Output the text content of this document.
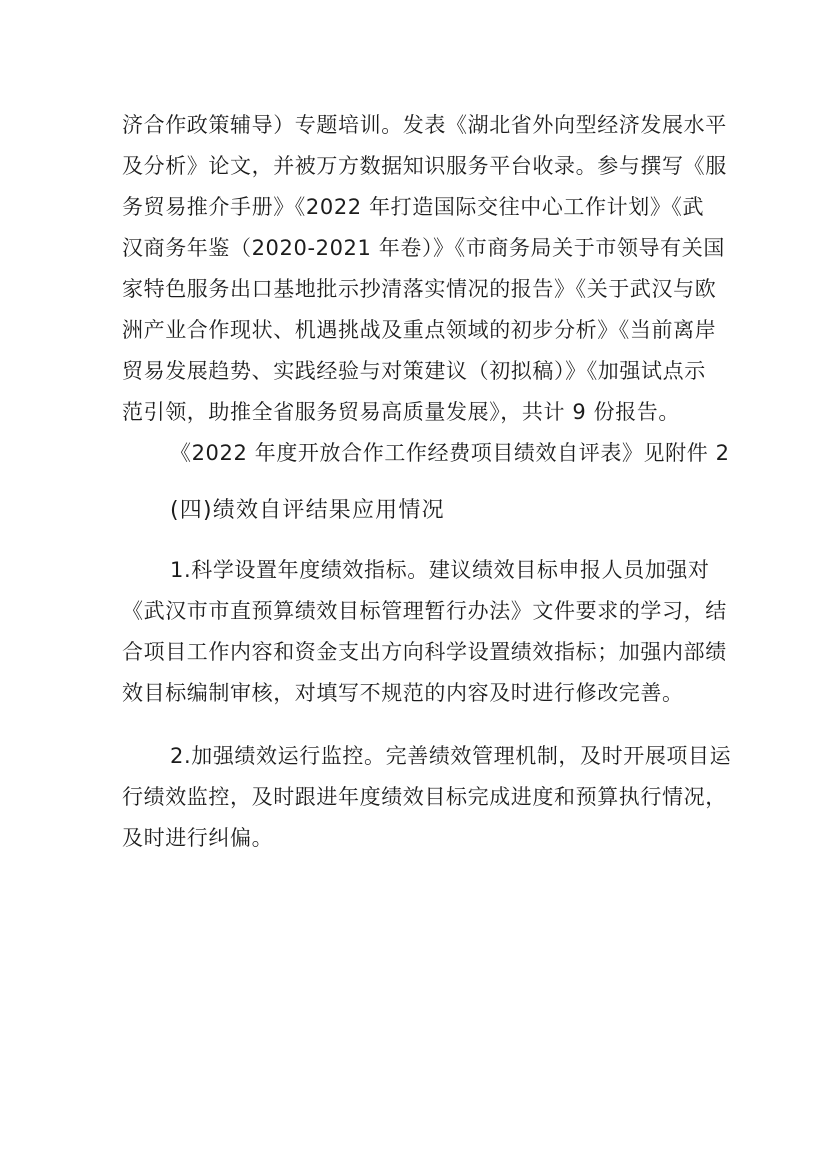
济合作政策辅导）专题培训。发表《湖北省外向型经济发展水平
及分析》论文，并被万方数据知识服务平台收录。参与撰写《服
务贸易推介手册》《2022 年打造国际交往中心工作计划》《武
汉商务年鉴（2020-2021 年卷）》《市商务局关于市领导有关国
家特色服务出口基地批示抄清落实情况的报告》《关于武汉与欧
洲产业合作现状、机遇挑战及重点领域的初步分析》《当前离岸
贸易发展趋势、实践经验与对策建议（初拟稿）》《加强试点示
范引领，助推全省服务贸易高质量发展》，共计 9 份报告。
《2022 年度开放合作工作经费项目绩效自评表》见附件 2
(四)绩效自评结果应用情况
1.科学设置年度绩效指标。建议绩效目标申报人员加强对
《武汉市市直预算绩效目标管理暂行办法》文件要求的学习，结
合项目工作内容和资金支出方向科学设置绩效指标；加强内部绩
效目标编制审核，对填写不规范的内容及时进行修改完善。
2.加强绩效运行监控。完善绩效管理机制，及时开展项目运
行绩效监控，及时跟进年度绩效目标完成进度和预算执行情况，
及时进行纠偏。
